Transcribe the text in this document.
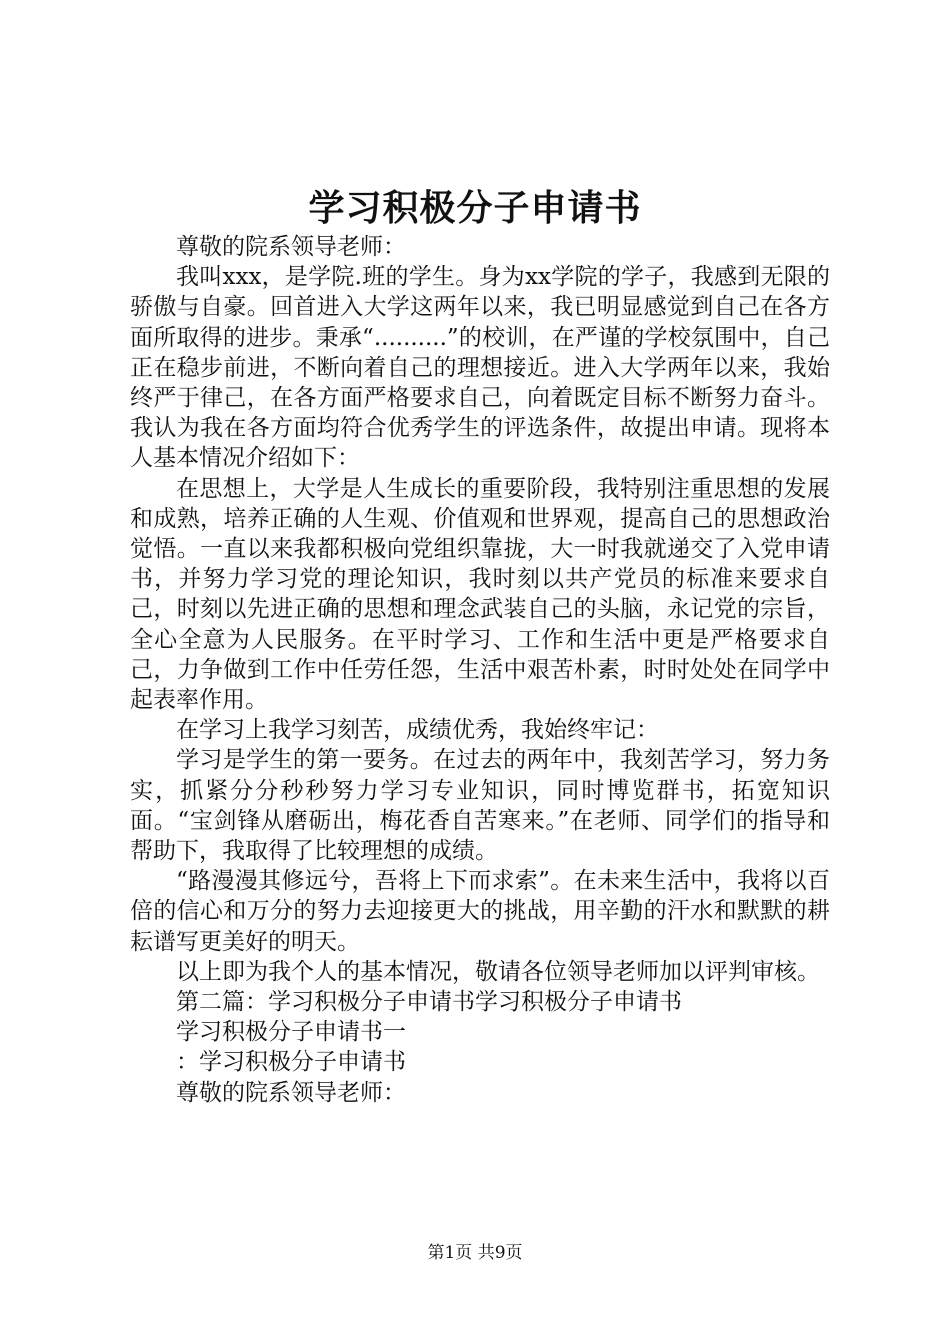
学习积极分子申请书

尊敬的院系领导老师：

我叫xxx，是学院.班的学生。身为xx学院的学子，我感到无限的骄傲与自豪。回首进入大学这两年以来，我已明显感觉到自己在各方面所取得的进步。秉承“..........”的校训，在严谨的学校氛围中，自己正在稳步前进，不断向着自己的理想接近。进入大学两年以来，我始终严于律己，在各方面严格要求自己，向着既定目标不断努力奋斗。我认为我在各方面均符合优秀学生的评选条件，故提出申请。现将本人基本情况介绍如下：

在思想上，大学是人生成长的重要阶段，我特别注重思想的发展和成熟，培养正确的人生观、价值观和世界观，提高自己的思想政治觉悟。一直以来我都积极向党组织靠拢，大一时我就递交了入党申请书，并努力学习党的理论知识，我时刻以共产党员的标准来要求自己，时刻以先进正确的思想和理念武装自己的头脑，永记党的宗旨，全心全意为人民服务。在平时学习、工作和生活中更是严格要求自己，力争做到工作中任劳任怨，生活中艰苦朴素，时时处处在同学中起表率作用。

在学习上我学习刻苦，成绩优秀，我始终牢记：

学习是学生的第一要务。在过去的两年中，我刻苦学习，努力务实，抓紧分分秒秒努力学习专业知识，同时博览群书，拓宽知识面。“宝剑锋从磨砺出，梅花香自苦寒来。”在老师、同学们的指导和帮助下，我取得了比较理想的成绩。

“路漫漫其修远兮，吾将上下而求索”。在未来生活中，我将以百倍的信心和万分的努力去迎接更大的挑战，用辛勤的汗水和默默的耕耘谱写更美好的明天。

以上即为我个人的基本情况，敬请各位领导老师加以评判审核。

第二篇：学习积极分子申请书学习积极分子申请书

学习积极分子申请书一

：学习积极分子申请书

尊敬的院系领导老师：

第1页 共9页
